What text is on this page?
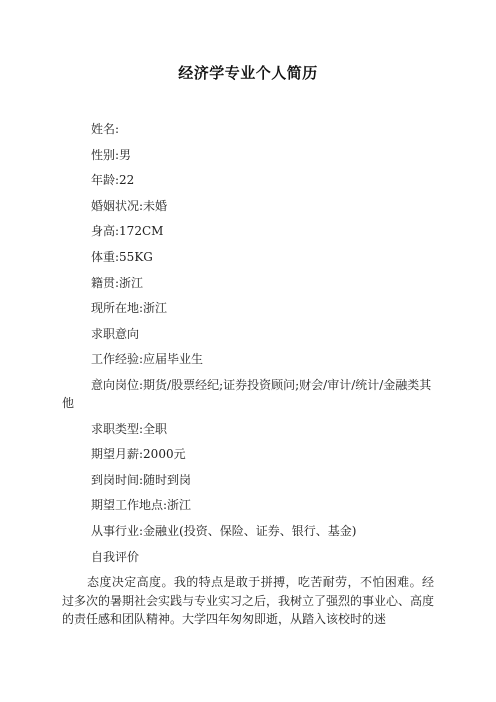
经济学专业个人简历
姓名:
性别:男
年龄:22
婚姻状况:未婚
身高:172CM
体重:55KG
籍贯:浙江
现所在地:浙江
求职意向
工作经验:应届毕业生
意向岗位:期货/股票经纪;证券投资顾问;财会/审计/统计/金融类其他
求职类型:全职
期望月薪:2000元
到岗时间:随时到岗
期望工作地点:浙江
从事行业:金融业(投资、保险、证券、银行、基金)
自我评价

态度决定高度。我的特点是敢于拼搏，吃苦耐劳，不怕困难。经过多次的暑期社会实践与专业实习之后，我树立了强烈的事业心、高度的责任感和团队精神。大学四年匆匆即逝，从踏入该校时的迷
